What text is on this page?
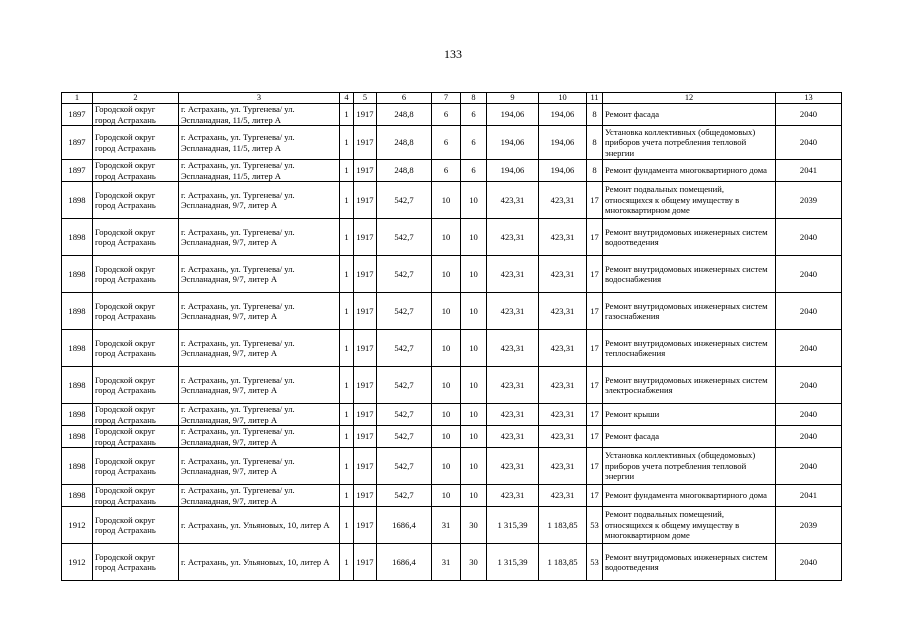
133
1	2	3	4	5	6	7	8	9	10	11	12	13
1897	Городской округ город Астрахань	г. Астрахань, ул. Тургенева/ ул. Эспланадная, 11/5, литер А	1	1917	248,8	6	6	194,06	194,06	8	Ремонт фасада	2040
1897	Городской округ город Астрахань	г. Астрахань, ул. Тургенева/ ул. Эспланадная, 11/5, литер А	1	1917	248,8	6	6	194,06	194,06	8	Установка коллективных (общедомовых) приборов учета потребления тепловой энергии	2040
1897	Городской округ город Астрахань	г. Астрахань, ул. Тургенева/ ул. Эспланадная, 11/5, литер А	1	1917	248,8	6	6	194,06	194,06	8	Ремонт фундамента многоквартирного дома	2041
1898	Городской округ город Астрахань	г. Астрахань, ул. Тургенева/ ул. Эспланадная, 9/7, литер А	1	1917	542,7	10	10	423,31	423,31	17	Ремонт подвальных помещений, относящихся к общему имуществу в многоквартирном доме	2039
1898	Городской округ город Астрахань	г. Астрахань, ул. Тургенева/ ул. Эспланадная, 9/7, литер А	1	1917	542,7	10	10	423,31	423,31	17	Ремонт внутридомовых инженерных систем водоотведения	2040
1898	Городской округ город Астрахань	г. Астрахань, ул. Тургенева/ ул. Эспланадная, 9/7, литер А	1	1917	542,7	10	10	423,31	423,31	17	Ремонт внутридомовых инженерных систем водоснабжения	2040
1898	Городской округ город Астрахань	г. Астрахань, ул. Тургенева/ ул. Эспланадная, 9/7, литер А	1	1917	542,7	10	10	423,31	423,31	17	Ремонт внутридомовых инженерных систем газоснабжения	2040
1898	Городской округ город Астрахань	г. Астрахань, ул. Тургенева/ ул. Эспланадная, 9/7, литер А	1	1917	542,7	10	10	423,31	423,31	17	Ремонт внутридомовых инженерных систем теплоснабжения	2040
1898	Городской округ город Астрахань	г. Астрахань, ул. Тургенева/ ул. Эспланадная, 9/7, литер А	1	1917	542,7	10	10	423,31	423,31	17	Ремонт внутридомовых инженерных систем электроснабжения	2040
1898	Городской округ город Астрахань	г. Астрахань, ул. Тургенева/ ул. Эспланадная, 9/7, литер А	1	1917	542,7	10	10	423,31	423,31	17	Ремонт крыши	2040
1898	Городской округ город Астрахань	г. Астрахань, ул. Тургенева/ ул. Эспланадная, 9/7, литер А	1	1917	542,7	10	10	423,31	423,31	17	Ремонт фасада	2040
1898	Городской округ город Астрахань	г. Астрахань, ул. Тургенева/ ул. Эспланадная, 9/7, литер А	1	1917	542,7	10	10	423,31	423,31	17	Установка коллективных (общедомовых) приборов учета потребления тепловой энергии	2040
1898	Городской округ город Астрахань	г. Астрахань, ул. Тургенева/ ул. Эспланадная, 9/7, литер А	1	1917	542,7	10	10	423,31	423,31	17	Ремонт фундамента многоквартирного дома	2041
1912	Городской округ город Астрахань	г. Астрахань, ул. Ульяновых, 10, литер А	1	1917	1686,4	31	30	1 315,39	1 183,85	53	Ремонт подвальных помещений, относящихся к общему имуществу в многоквартирном доме	2039
1912	Городской округ город Астрахань	г. Астрахань, ул. Ульяновых, 10, литер А	1	1917	1686,4	31	30	1 315,39	1 183,85	53	Ремонт внутридомовых инженерных систем водоотведения	2040
